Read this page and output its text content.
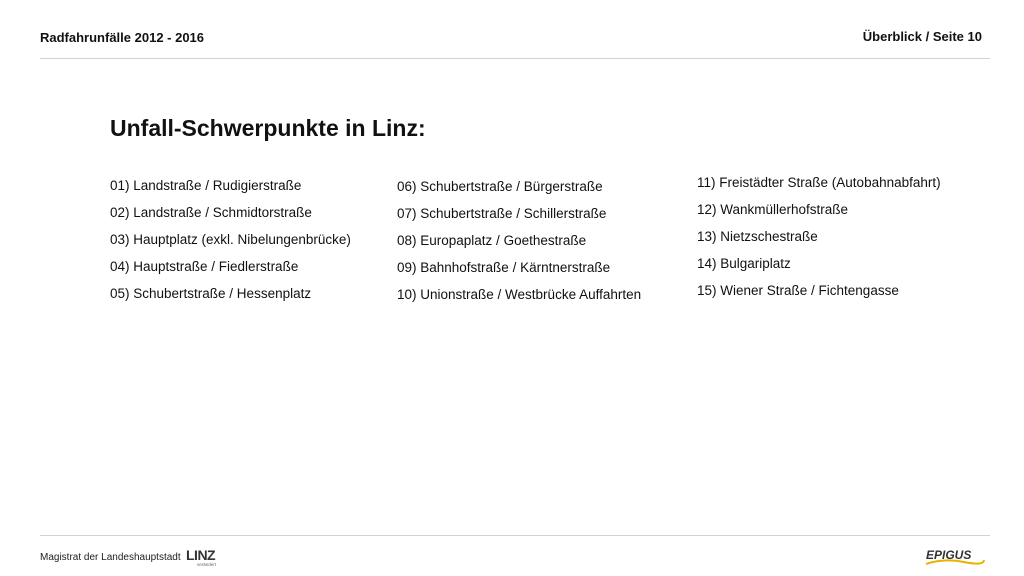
Radfahrunfälle 2012 - 2016	Überblick / Seite 10
Unfall-Schwerpunkte in Linz:
01) Landstraße / Rudigierstraße
02) Landstraße / Schmidtorstraße
03) Hauptplatz (exkl. Nibelungenbrücke)
04) Hauptstraße / Fiedlerstraße
05) Schubertstraße / Hessenplatz
06) Schubertstraße / Bürgerstraße
07) Schubertstraße / Schillerstraße
08) Europaplatz / Goethestraße
09) Bahnhofstraße / Kärntnerstraße
10) Unionstraße / Westbrücke Auffahrten
11) Freistädter Straße (Autobahnabfahrt)
12) Wankmüllerhofstraße
13) Nietzschestraße
14) Bulgariplatz
15) Wiener Straße / Fichtengasse
Magistrat der Landeshauptstadt LINZ
verändert
EPIGUS
